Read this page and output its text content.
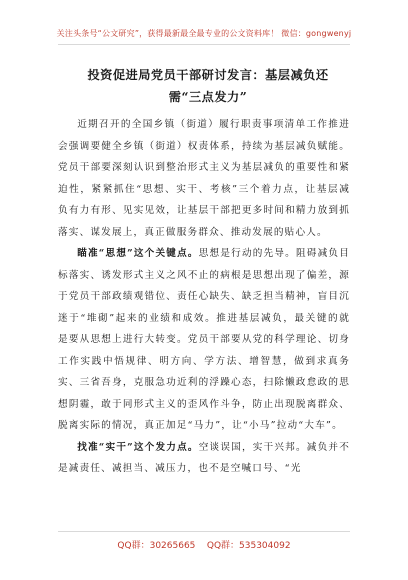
关注头条号“公文研究”，获得最新最全最专业的公文资料库！ 微信：gongwenyj
投资促进局党员干部研讨发言：基层减负还需“三点发力”

近期召开的全国乡镇（街道）履行职责事项清单工作推进会强调要健全乡镇（街道）权责体系，持续为基层减负赋能。党员干部要深刻认识到整治形式主义为基层减负的重要性和紧迫性，紧紧抓住“思想、实干、考核”三个着力点，让基层减负有力有形、见实见效，让基层干部把更多时间和精力放到抓落实、谋发展上，真正做服务群众、推动发展的贴心人。

瞄准“思想”这个关键点。思想是行动的先导。阻碍减负目标落实、诱发形式主义之风不止的病根是思想出现了偏差，源于党员干部政绩观错位、责任心缺失、缺乏担当精神，盲目沉迷于“堆砌”起来的业绩和成效。推进基层减负，最关键的就是要从思想上进行大转变。党员干部要从党的科学理论、切身工作实践中悟规律、明方向、学方法、增智慧，做到求真务实、三省吾身，克服急功近利的浮躁心态，扫除懒政怠政的思想阴霾，敢于同形式主义的歪风作斗争，防止出现脱离群众、脱离实际的情况，真正加足“马力”，让“小马”拉动“大车”。

找准“实干”这个发力点。空谈误国，实干兴邦。减负并不是减责任、减担当、减压力，也不是空喊口号、“光

QQ群：30265665 QQ群：535304092
